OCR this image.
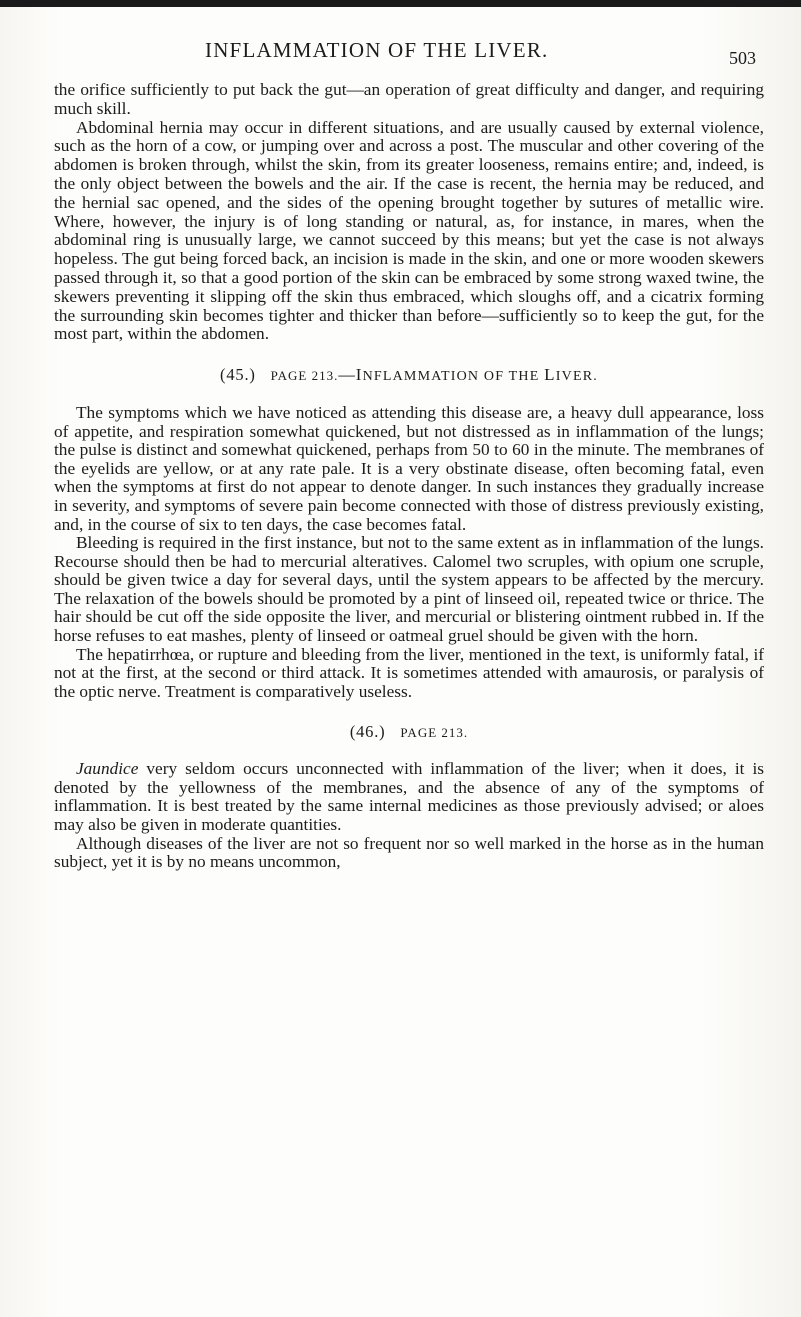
INFLAMMATION OF THE LIVER.	503

the orifice sufficiently to put back the gut—an operation of great difficulty and danger, and requiring much skill.

Abdominal hernia may occur in different situations, and are usually caused by external violence, such as the horn of a cow, or jumping over and across a post. The muscular and other covering of the abdomen is broken through, whilst the skin, from its greater looseness, remains entire; and, indeed, is the only object between the bowels and the air. If the case is recent, the hernia may be reduced, and the hernial sac opened, and the sides of the opening brought together by sutures of metallic wire. Where, however, the injury is of long standing or natural, as, for instance, in mares, when the abdominal ring is unusually large, we cannot succeed by this means; but yet the case is not always hopeless. The gut being forced back, an incision is made in the skin, and one or more wooden skewers passed through it, so that a good portion of the skin can be embraced by some strong waxed twine, the skewers preventing it slipping off the skin thus embraced, which sloughs off, and a cicatrix forming the surrounding skin becomes tighter and thicker than before—sufficiently so to keep the gut, for the most part, within the abdomen.

(45.) PAGE 213.—INFLAMMATION OF THE LIVER.

The symptoms which we have noticed as attending this disease are, a heavy dull appearance, loss of appetite, and respiration somewhat quickened, but not distressed as in inflammation of the lungs; the pulse is distinct and somewhat quickened, perhaps from 50 to 60 in the minute. The membranes of the eyelids are yellow, or at any rate pale. It is a very obstinate disease, often becoming fatal, even when the symptoms at first do not appear to denote danger. In such instances they gradually increase in severity, and symptoms of severe pain become connected with those of distress previously existing, and, in the course of six to ten days, the case becomes fatal.

Bleeding is required in the first instance, but not to the same extent as in inflammation of the lungs. Recourse should then be had to mercurial alteratives. Calomel two scruples, with opium one scruple, should be given twice a day for several days, until the system appears to be affected by the mercury. The relaxation of the bowels should be promoted by a pint of linseed oil, repeated twice or thrice. The hair should be cut off the side opposite the liver, and mercurial or blistering ointment rubbed in. If the horse refuses to eat mashes, plenty of linseed or oatmeal gruel should be given with the horn.

The hepatirrhœa, or rupture and bleeding from the liver, mentioned in the text, is uniformly fatal, if not at the first, at the second or third attack. It is sometimes attended with amaurosis, or paralysis of the optic nerve. Treatment is comparatively useless.

(46.) PAGE 213.

Jaundice very seldom occurs unconnected with inflammation of the liver; when it does, it is denoted by the yellowness of the membranes, and the absence of any of the symptoms of inflammation. It is best treated by the same internal medicines as those previously advised; or aloes may also be given in moderate quantities.

Although diseases of the liver are not so frequent nor so well marked in the horse as in the human subject, yet it is by no means uncommon,
